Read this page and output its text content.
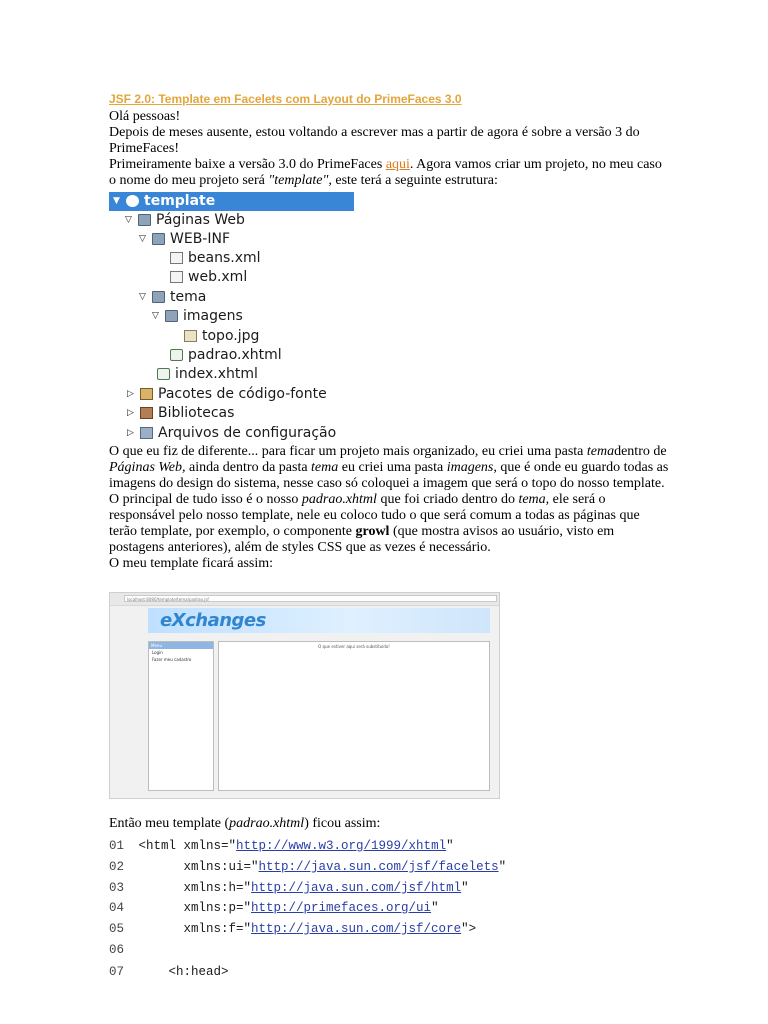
JSF 2.0: Template em Facelets com Layout do PrimeFaces 3.0

Olá pessoas!

Depois de meses ausente, estou voltando a escrever mas a partir de agora é sobre a versão 3 do PrimeFaces!

Primeiramente baixe a versão 3.0 do PrimeFaces aqui. Agora vamos criar um projeto, no meu caso o nome do meu projeto será "template", este terá a seguinte estrutura:

▼ template
▽ Páginas Web
▽ WEB-INF
beans.xml
web.xml
▽ tema
▽ imagens
topo.jpg
padrao.xhtml
index.xhtml
▷ Pacotes de código-fonte
▷ Bibliotecas
▷ Arquivos de configuração

O que eu fiz de diferente... para ficar um projeto mais organizado, eu criei uma pasta temadentro de Páginas Web, ainda dentro da pasta tema eu criei uma pasta imagens, que é onde eu guardo todas as imagens do design do sistema, nesse caso só coloquei a imagem que será o topo do nosso template.

O principal de tudo isso é o nosso padrao.xhtml que foi criado dentro do tema, ele será o responsável pelo nosso template, nele eu coloco tudo o que será comum a todas as páginas que terão template, por exemplo, o componente growl (que mostra avisos ao usuário, visto em postagens anteriores), além de styles CSS que as vezes é necessário.

O meu template ficará assim:

localhost:8080/template/tema/padrao.jsf
eXchanges
Menu
Login
Fazer meu cadastro
O que estiver aqui será substituído!

Então meu template (padrao.xhtml) ficou assim:

01 <html xmlns="http://www.w3.org/1999/xhtml"
02       xmlns:ui="http://java.sun.com/jsf/facelets"
03       xmlns:h="http://java.sun.com/jsf/html"
04       xmlns:p="http://primefaces.org/ui"
05       xmlns:f="http://java.sun.com/jsf/core">
06
07     <h:head>
